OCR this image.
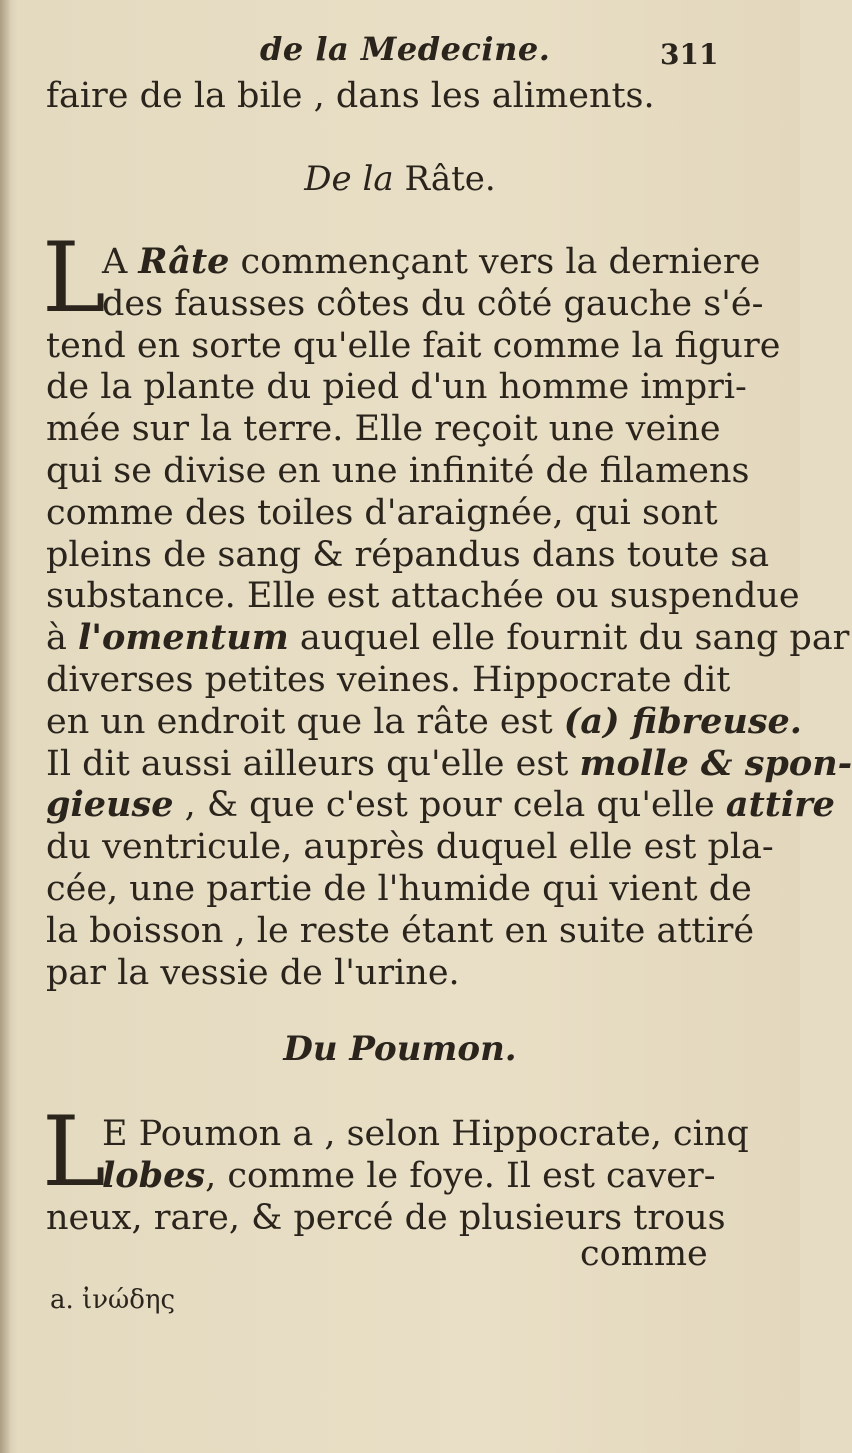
de la Medecine.	311
faire de la bile , dans les aliments.
De la Râte.
L
A Râte commençant vers la derniere
des fausses côtes du côté gauche s'é-
tend en sorte qu'elle fait comme la figure
de la plante du pied d'un homme impri-
mée sur la terre. Elle reçoit une veine
qui se divise en une infinité de filamens
comme des toiles d'araignée, qui sont
pleins de sang & répandus dans toute sa
substance. Elle est attachée ou suspendue
à l'omentum auquel elle fournit du sang par
diverses petites veines. Hippocrate dit
en un endroit que la râte est (a) fibreuse.
Il dit aussi ailleurs qu'elle est molle & spon-
gieuse , & que c'est pour cela qu'elle attire
du ventricule, auprès duquel elle est pla-
cée, une partie de l'humide qui vient de
la boisson , le reste étant en suite attiré
par la vessie de l'urine.
Du Poumon.
L
E Poumon a , selon Hippocrate, cinq
lobes, comme le foye. Il est caver-
neux, rare, & percé de plusieurs trous
comme
a. ἰνώδης
